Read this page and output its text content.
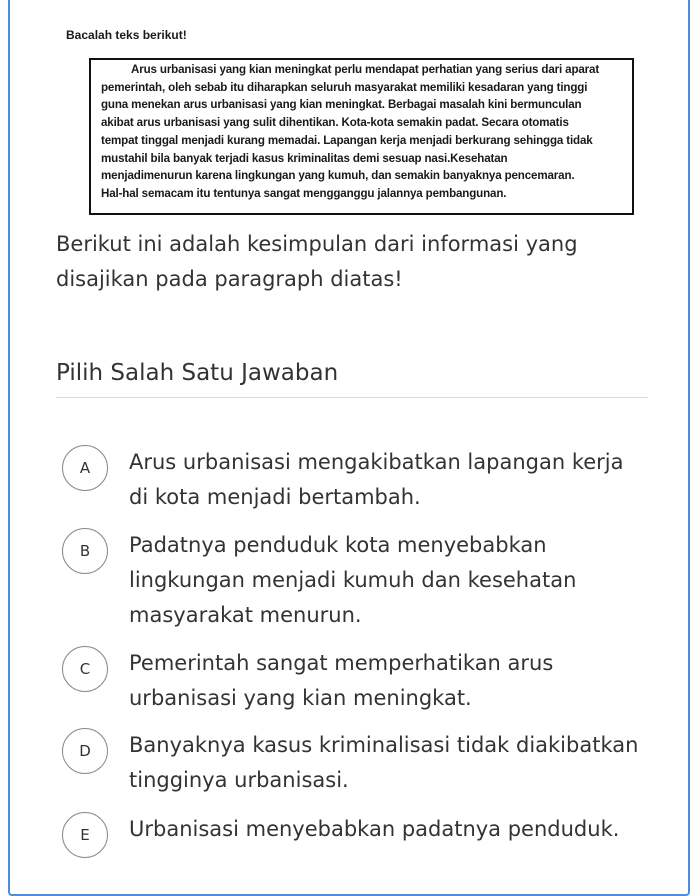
Bacalah teks berikut!
Arus urbanisasi yang kian meningkat perlu mendapat perhatian yang serius dari aparat
pemerintah, oleh sebab itu diharapkan seluruh masyarakat memiliki kesadaran yang tinggi
guna menekan arus urbanisasi yang kian meningkat. Berbagai masalah kini bermunculan
akibat arus urbanisasi yang sulit dihentikan. Kota-kota semakin padat. Secara otomatis
tempat tinggal menjadi kurang memadai. Lapangan kerja menjadi berkurang sehingga tidak
mustahil bila banyak terjadi kasus kriminalitas demi sesuap nasi.Kesehatan
menjadimenurun karena lingkungan yang kumuh, dan semakin banyaknya pencemaran.
Hal-hal semacam itu tentunya sangat mengganggu jalannya pembangunan.
Berikut ini adalah kesimpulan dari informasi yang
disajikan pada paragraph diatas!
Pilih Salah Satu Jawaban
A	Arus urbanisasi mengakibatkan lapangan kerja
di kota menjadi bertambah.
B	Padatnya penduduk kota menyebabkan
lingkungan menjadi kumuh dan kesehatan
masyarakat menurun.
C	Pemerintah sangat memperhatikan arus
urbanisasi yang kian meningkat.
D	Banyaknya kasus kriminalisasi tidak diakibatkan
tingginya urbanisasi.
E	Urbanisasi menyebabkan padatnya penduduk.
